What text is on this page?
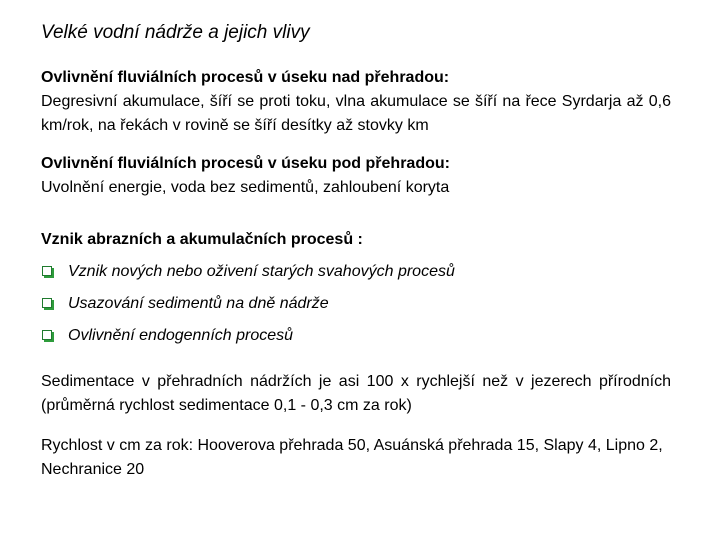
Velké vodní nádrže a jejich vlivy
Ovlivnění fluviálních procesů v úseku nad přehradou:
Degresivní akumulace, šíří se proti toku, vlna akumulace se šíří na řece Syrdarja až 0,6 km/rok, na řekách v rovině se šíří desítky až stovky km
Ovlivnění fluviálních procesů v úseku pod přehradou:
Uvolnění energie, voda bez sedimentů, zahloubení koryta
Vznik abrazních a akumulačních procesů :
Vznik nových nebo oživení starých svahových procesů
Usazování sedimentů na dně nádrže
Ovlivnění endogenních procesů
Sedimentace v přehradních nádržích je asi 100 x rychlejší než v jezerech přírodních (průměrná rychlost sedimentace 0,1 - 0,3 cm za rok)
Rychlost v cm za rok: Hooverova přehrada 50, Asuánská přehrada 15, Slapy 4, Lipno 2, Nechranice 20
